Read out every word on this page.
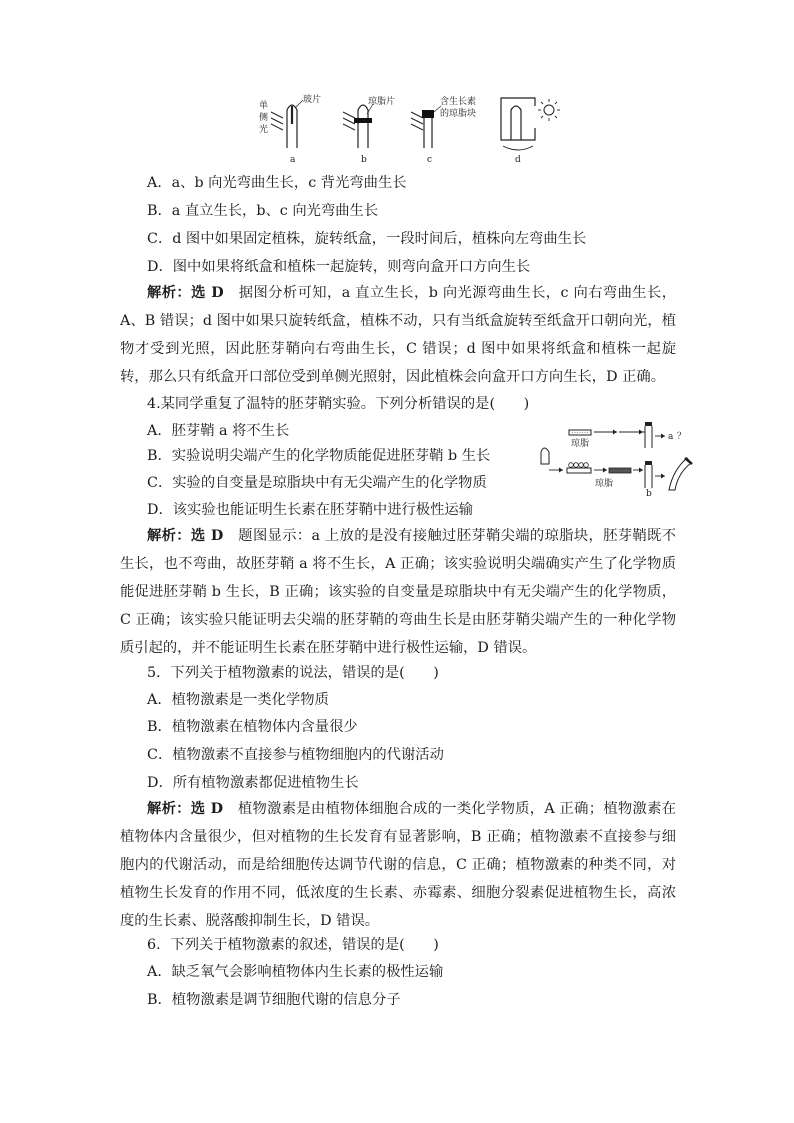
单
侧
光
玻片
a
琼脂片
b
含生长素
的琼脂块
c	d
A．a、b 向光弯曲生长，c 背光弯曲生长
B．a 直立生长，b、c 向光弯曲生长
C．d 图中如果固定植株，旋转纸盒，一段时间后，植株向左弯曲生长
D．图中如果将纸盒和植株一起旋转，则弯向盒开口方向生长
解析：选 D　 据图分析可知，a 直立生长，b 向光源弯曲生长，c 向右弯曲生长，A、B 错误；d 图中如果只旋转纸盒，植株不动，只有当纸盒旋转至纸盒开口朝向光，植物才受到光照，因此胚芽鞘向右弯曲生长，C 错误；d 图中如果将纸盒和植株一起旋转，那么只有纸盒开口部位受到单侧光照射，因此植株会向盒开口方向生长，D 正确。
4.某同学重复了温特的胚芽鞘实验。下列分析错误的是(　　)
A．胚芽鞘 a 将不生长
B．实验说明尖端产生的化学物质能促进胚芽鞘 b 生长
C．实验的自变量是琼脂块中有无尖端产生的化学物质
D．该实验也能证明生长素在胚芽鞘中进行极性运输
琼脂
a ？
琼脂
b
解析：选 D　 题图显示：a 上放的是没有接触过胚芽鞘尖端的琼脂块，胚芽鞘既不生长，也不弯曲，故胚芽鞘 a 将不生长，A 正确；该实验说明尖端确实产生了化学物质能促进胚芽鞘 b 生长，B 正确；该实验的自变量是琼脂块中有无尖端产生的化学物质，C 正确；该实验只能证明去尖端的胚芽鞘的弯曲生长是由胚芽鞘尖端产生的一种化学物质引起的，并不能证明生长素在胚芽鞘中进行极性运输，D 错误。
5．下列关于植物激素的说法，错误的是(　　)
A．植物激素是一类化学物质
B．植物激素在植物体内含量很少
C．植物激素不直接参与植物细胞内的代谢活动
D．所有植物激素都促进植物生长
解析：选 D　 植物激素是由植物体细胞合成的一类化学物质，A 正确；植物激素在植物体内含量很少，但对植物的生长发育有显著影响，B 正确；植物激素不直接参与细胞内的代谢活动，而是给细胞传达调节代谢的信息，C 正确；植物激素的种类不同，对植物生长发育的作用不同，低浓度的生长素、赤霉素、细胞分裂素促进植物生长，高浓度的生长素、脱落酸抑制生长，D 错误。
6．下列关于植物激素的叙述，错误的是(　　)
A．缺乏氧气会影响植物体内生长素的极性运输
B．植物激素是调节细胞代谢的信息分子
